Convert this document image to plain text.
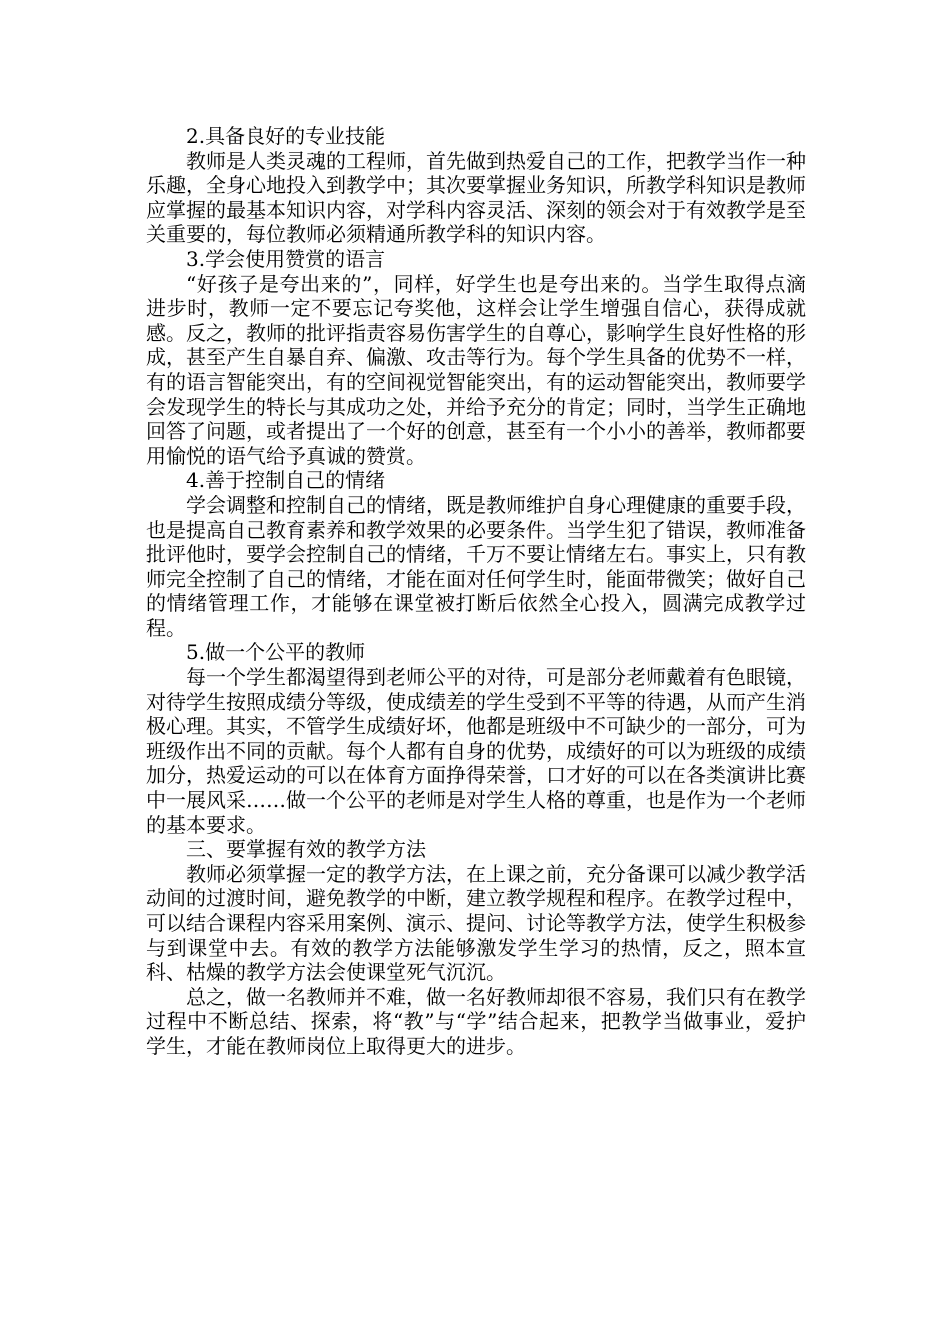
2.具备良好的专业技能

教师是人类灵魂的工程师，首先做到热爱自己的工作，把教学当作一种乐趣，全身心地投入到教学中；其次要掌握业务知识，所教学科知识是教师应掌握的最基本知识内容，对学科内容灵活、深刻的领会对于有效教学是至关重要的，每位教师必须精通所教学科的知识内容。

3.学会使用赞赏的语言

“好孩子是夸出来的”，同样，好学生也是夸出来的。当学生取得点滴进步时，教师一定不要忘记夸奖他，这样会让学生增强自信心，获得成就感。反之，教师的批评指责容易伤害学生的自尊心，影响学生良好性格的形成，甚至产生自暴自弃、偏激、攻击等行为。每个学生具备的优势不一样，有的语言智能突出，有的空间视觉智能突出，有的运动智能突出，教师要学会发现学生的特长与其成功之处，并给予充分的肯定；同时，当学生正确地回答了问题，或者提出了一个好的创意，甚至有一个小小的善举，教师都要用愉悦的语气给予真诚的赞赏。

4.善于控制自己的情绪

学会调整和控制自己的情绪，既是教师维护自身心理健康的重要手段，也是提高自己教育素养和教学效果的必要条件。当学生犯了错误，教师准备批评他时，要学会控制自己的情绪，千万不要让情绪左右。事实上，只有教师完全控制了自己的情绪，才能在面对任何学生时，能面带微笑；做好自己的情绪管理工作，才能够在课堂被打断后依然全心投入，圆满完成教学过程。

5.做一个公平的教师

每一个学生都渴望得到老师公平的对待，可是部分老师戴着有色眼镜，对待学生按照成绩分等级，使成绩差的学生受到不平等的待遇，从而产生消极心理。其实，不管学生成绩好坏，他都是班级中不可缺少的一部分，可为班级作出不同的贡献。每个人都有自身的优势，成绩好的可以为班级的成绩加分，热爱运动的可以在体育方面挣得荣誉，口才好的可以在各类演讲比赛中一展风采……做一个公平的老师是对学生人格的尊重，也是作为一个老师的基本要求。

三、要掌握有效的教学方法

教师必须掌握一定的教学方法，在上课之前，充分备课可以减少教学活动间的过渡时间，避免教学的中断，建立教学规程和程序。在教学过程中，可以结合课程内容采用案例、演示、提问、讨论等教学方法，使学生积极参与到课堂中去。有效的教学方法能够激发学生学习的热情，反之，照本宣科、枯燥的教学方法会使课堂死气沉沉。

总之，做一名教师并不难，做一名好教师却很不容易，我们只有在教学过程中不断总结、探索，将“教”与“学”结合起来，把教学当做事业，爱护学生，才能在教师岗位上取得更大的进步。
